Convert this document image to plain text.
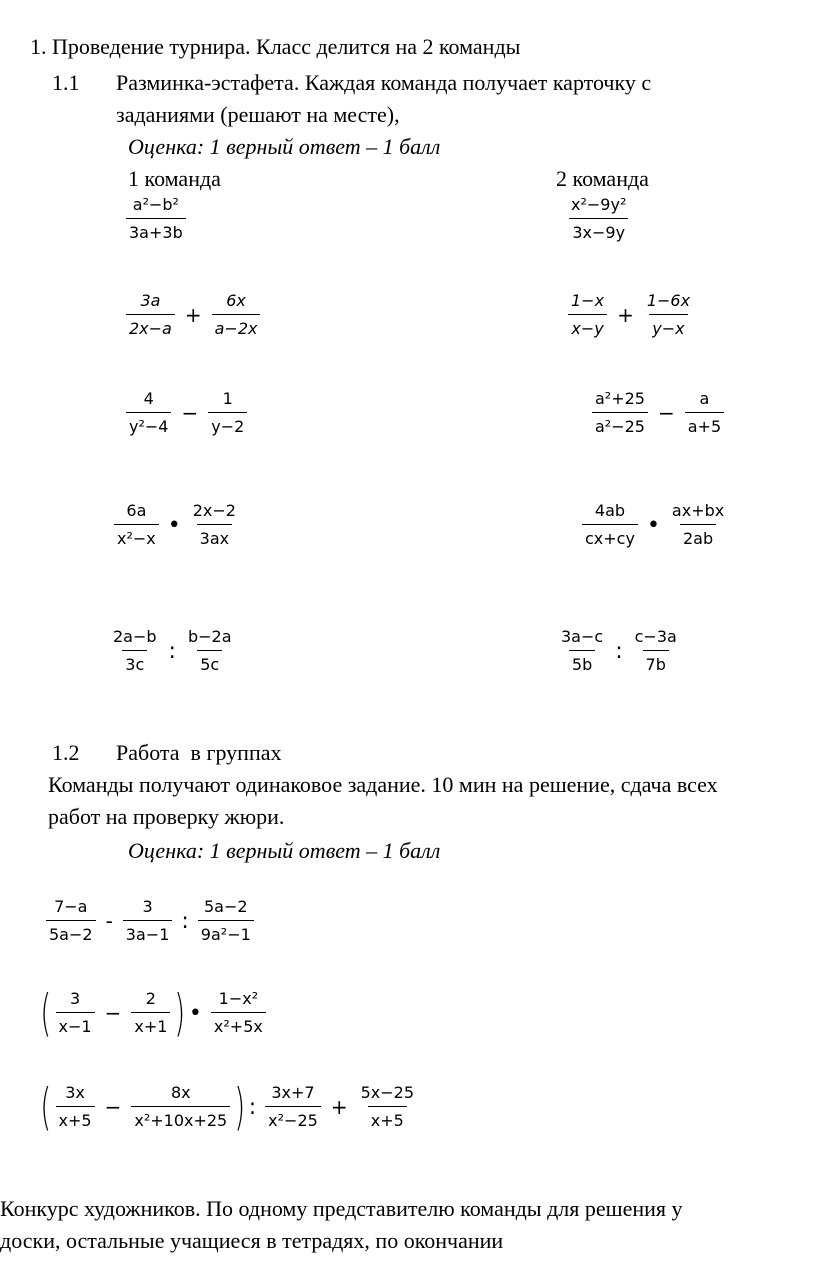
1. Проведение турнира. Класс делится на 2 команды
1.1 Разминка-эстафета. Каждая команда получает карточку с
заданиями (решают на месте),
Оценка: 1 верный ответ – 1 балл
1 команда	2 команда
$\frac{\text{a²−b²}}{3a+3b}$
$\frac{3a}{2x-a} + \frac{6x}{a-2x}$
$\frac{4}{\text{y²−4}} - \frac{1}{y-2}$
$\frac{6a}{\text{x²−x}}$ • $\frac{2x-2}{3ax}$
$\frac{2a-b}{3c}$ : $\frac{b-2a}{5c}$
$\frac{\text{x²−9y²}}{3x-9y}$
$\frac{1-x}{x-y} + \frac{1-6x}{y-x}$
$\frac{\text{a²+25}}{\text{a²−25}} - \frac{a}{a+5}$
$\frac{4ab}{cx+cy}$ • $\frac{ax+bx}{2ab}$
$\frac{3a-c}{5b}$ : $\frac{c-3a}{7b}$
1.2 Работа  в группах
Команды получают одинаковое задание. 10 мин на решение, сдача всех
работ на проверку жюри.
Оценка: 1 верный ответ – 1 балл
$\frac{7-a}{5a-2} - \frac{3}{3a-1}$ : $\frac{5a-2}{\text{9a²−1}}$
( $\frac{3}{x-1} - \frac{2}{x+1}$ ) • $\frac{\text{1−x²}}{\text{x²+5x}}$
( $\frac{3x}{x+5} - \frac{8x}{\text{x²+10x+25}}$ ) : $\frac{3x+7}{\text{x²−25}} + \frac{5x-25}{x+5}$
Конкурс художников. По одному представителю команды для решения у
доски, остальные учащиеся в тетрадях, по окончании
